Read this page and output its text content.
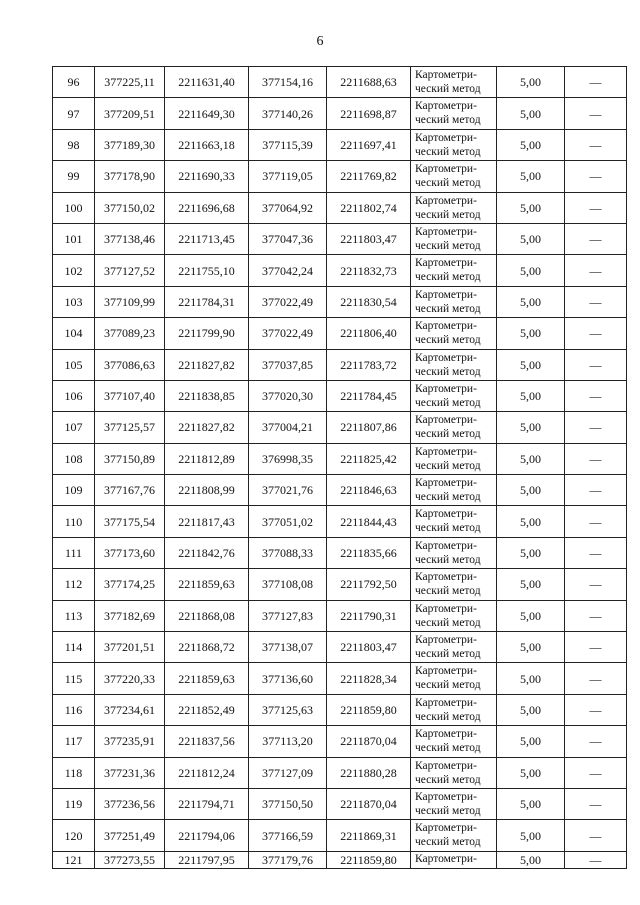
6
96	377225,11	2211631,40	377154,16	2211688,63	Картометри-
ческий метод	5,00	—
97	377209,51	2211649,30	377140,26	2211698,87	Картометри-
ческий метод	5,00	—
98	377189,30	2211663,18	377115,39	2211697,41	Картометри-
ческий метод	5,00	—
99	377178,90	2211690,33	377119,05	2211769,82	Картометри-
ческий метод	5,00	—
100	377150,02	2211696,68	377064,92	2211802,74	Картометри-
ческий метод	5,00	—
101	377138,46	2211713,45	377047,36	2211803,47	Картометри-
ческий метод	5,00	—
102	377127,52	2211755,10	377042,24	2211832,73	Картометри-
ческий метод	5,00	—
103	377109,99	2211784,31	377022,49	2211830,54	Картометри-
ческий метод	5,00	—
104	377089,23	2211799,90	377022,49	2211806,40	Картометри-
ческий метод	5,00	—
105	377086,63	2211827,82	377037,85	2211783,72	Картометри-
ческий метод	5,00	—
106	377107,40	2211838,85	377020,30	2211784,45	Картометри-
ческий метод	5,00	—
107	377125,57	2211827,82	377004,21	2211807,86	Картометри-
ческий метод	5,00	—
108	377150,89	2211812,89	376998,35	2211825,42	Картометри-
ческий метод	5,00	—
109	377167,76	2211808,99	377021,76	2211846,63	Картометри-
ческий метод	5,00	—
110	377175,54	2211817,43	377051,02	2211844,43	Картометри-
ческий метод	5,00	—
111	377173,60	2211842,76	377088,33	2211835,66	Картометри-
ческий метод	5,00	—
112	377174,25	2211859,63	377108,08	2211792,50	Картометри-
ческий метод	5,00	—
113	377182,69	2211868,08	377127,83	2211790,31	Картометри-
ческий метод	5,00	—
114	377201,51	2211868,72	377138,07	2211803,47	Картометри-
ческий метод	5,00	—
115	377220,33	2211859,63	377136,60	2211828,34	Картометри-
ческий метод	5,00	—
116	377234,61	2211852,49	377125,63	2211859,80	Картометри-
ческий метод	5,00	—
117	377235,91	2211837,56	377113,20	2211870,04	Картометри-
ческий метод	5,00	—
118	377231,36	2211812,24	377127,09	2211880,28	Картометри-
ческий метод	5,00	—
119	377236,56	2211794,71	377150,50	2211870,04	Картометри-
ческий метод	5,00	—
120	377251,49	2211794,06	377166,59	2211869,31	Картометри-
ческий метод	5,00	—
121	377273,55	2211797,95	377179,76	2211859,80	Картометри-	5,00	—
